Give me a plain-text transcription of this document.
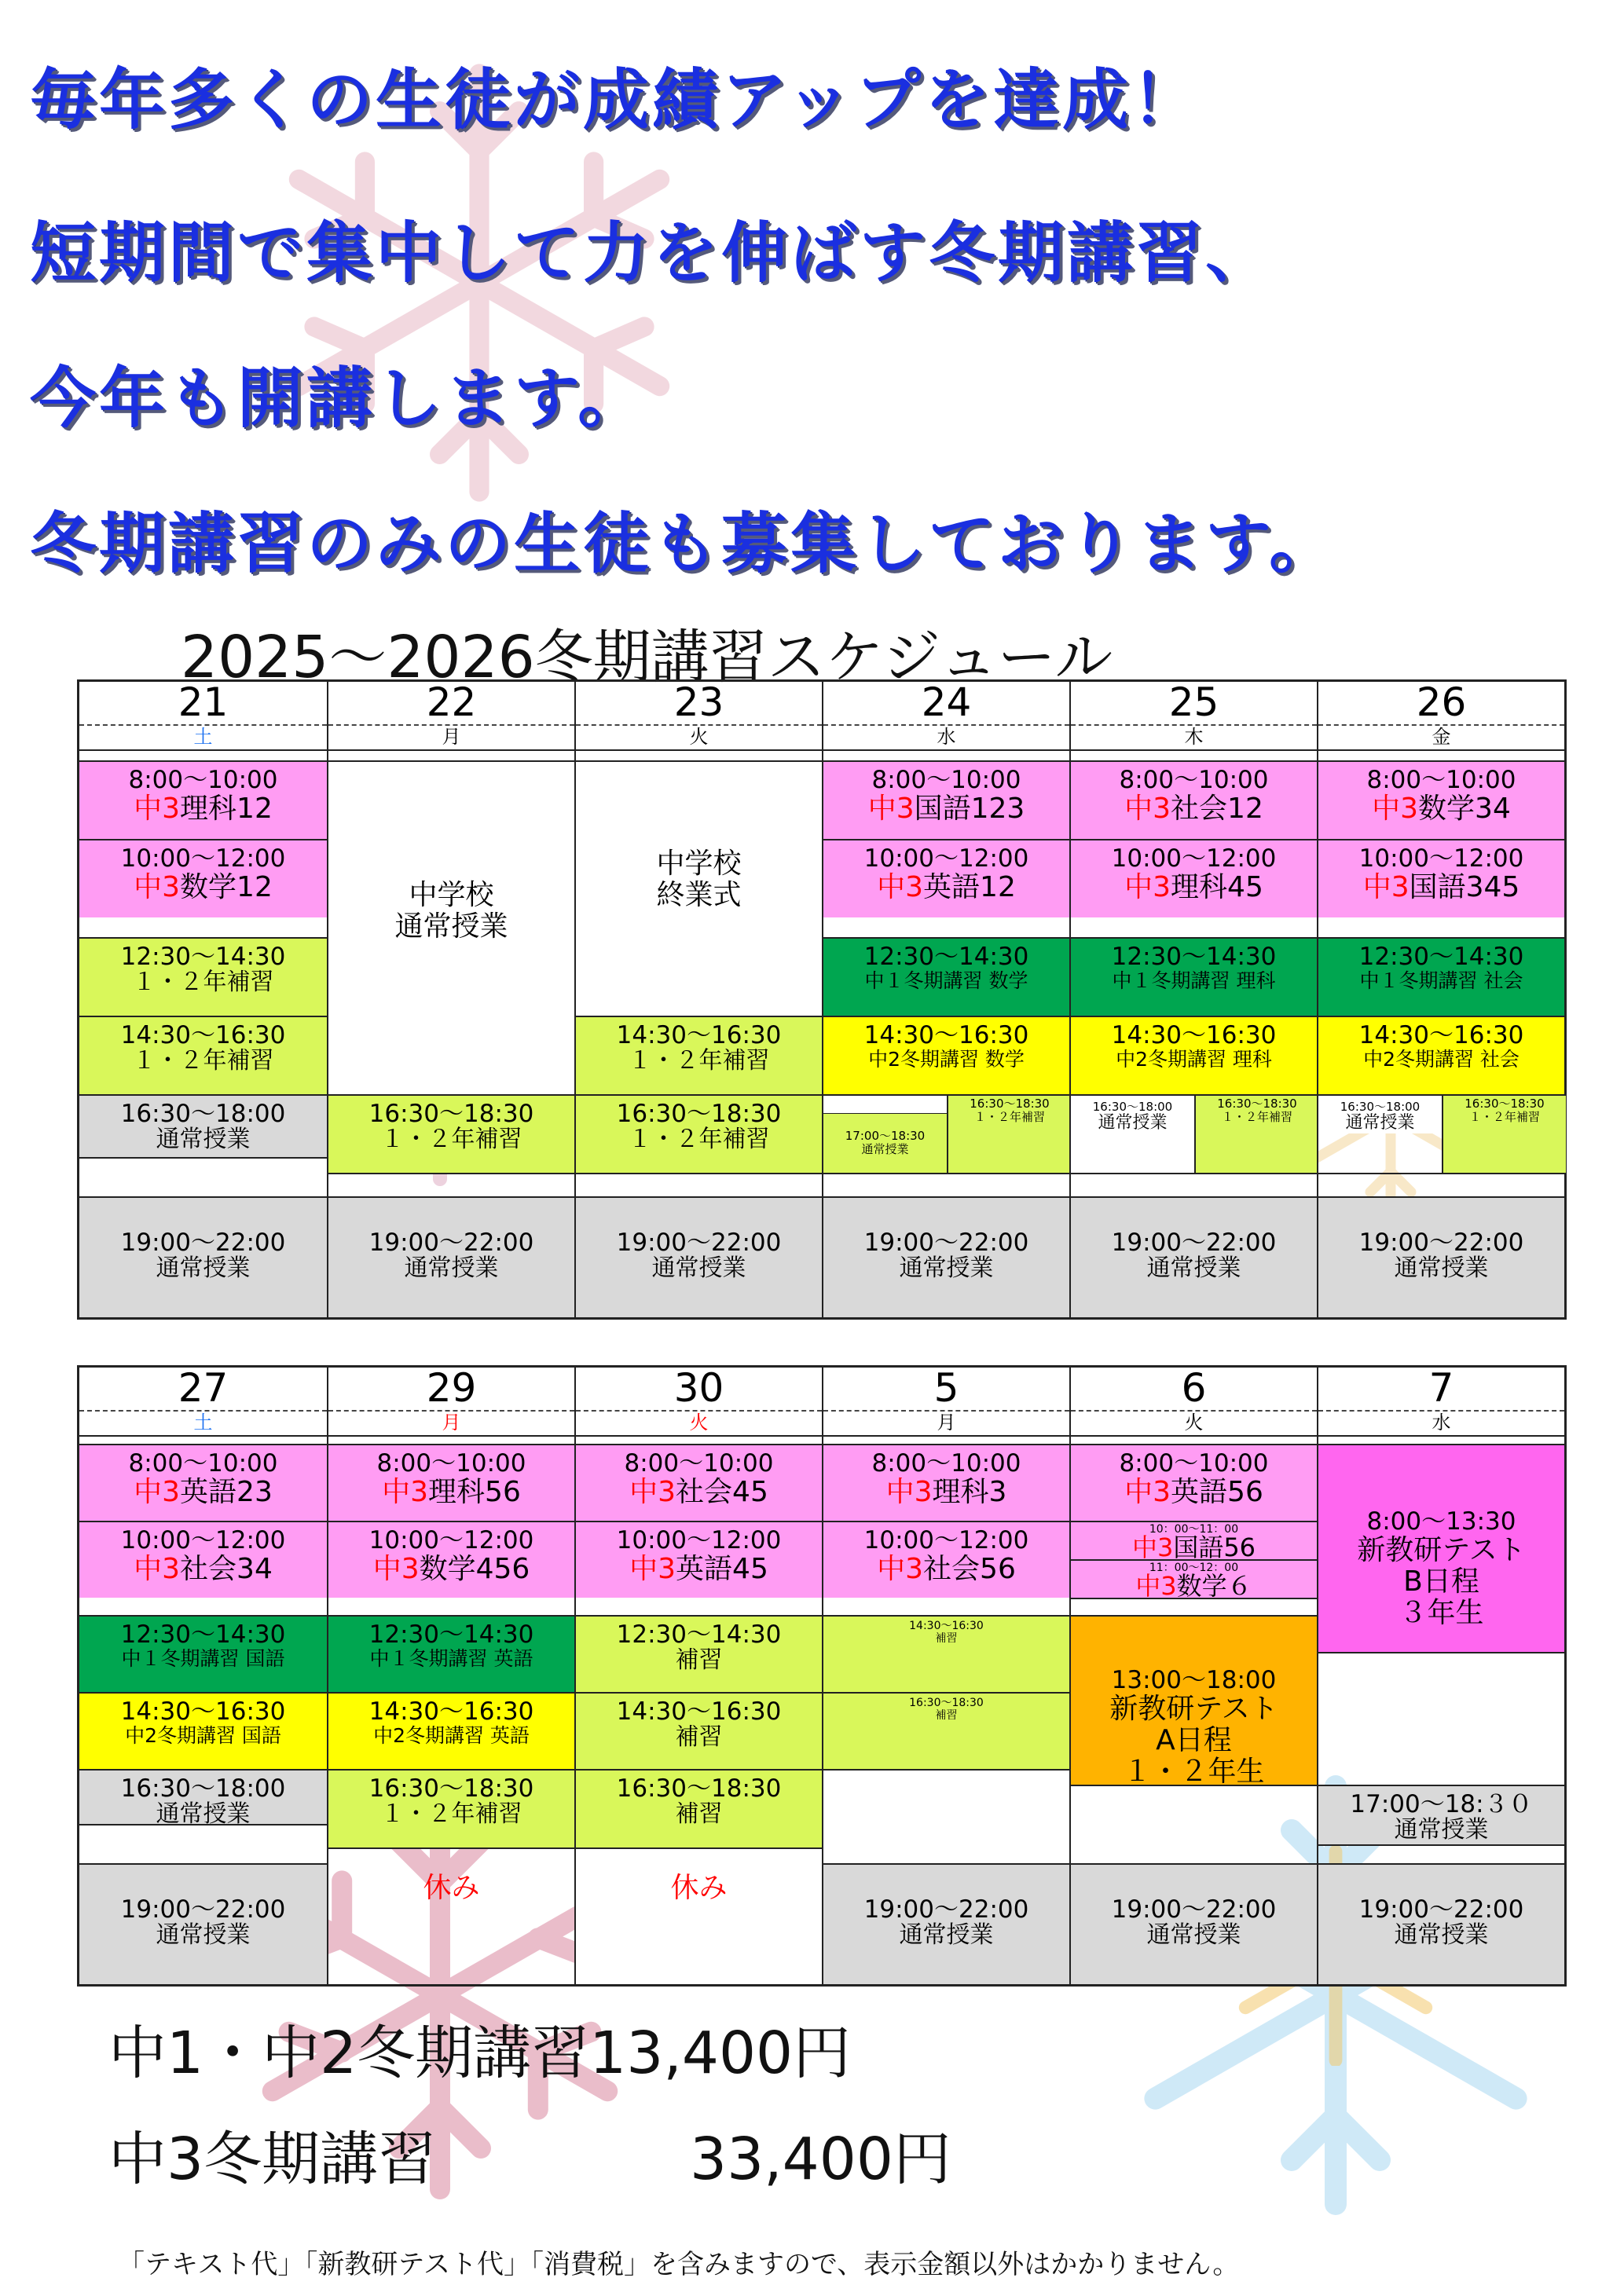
毎年多くの生徒が成績アップを達成！
短期間で集中して力を伸ばす冬期講習、
今年も開講します。
冬期講習のみの生徒も募集しております。
2025～2026冬期講習スケジュール
21
土
8:00～10:00
中3理科12
10:00～12:00
中3数学12
12:30～14:30
１・２年補習
14:30～16:30
１・２年補習
16:30～18:00
通常授業
19:00～22:00
通常授業
22
月
中学校
通常授業
16:30～18:30
１・２年補習
19:00～22:00
通常授業
23
火
中学校
終業式
14:30～16:30
１・２年補習
16:30～18:30
１・２年補習
19:00～22:00
通常授業
24
水
8:00～10:00
中3国語123
10:00～12:00
中3英語12
12:30～14:30
中１冬期講習 数学
14:30～16:30
中2冬期講習 数学
17:00～18:30
通常授業
16:30～18:30
１・２年補習
19:00～22:00
通常授業
25
木
8:00～10:00
中3社会12
10:00～12:00
中3理科45
12:30～14:30
中１冬期講習 理科
14:30～16:30
中2冬期講習 理科
16:30～18:00
通常授業
16:30～18:30
１・２年補習
19:00～22:00
通常授業
26
金
8:00～10:00
中3数学34
10:00～12:00
中3国語345
12:30～14:30
中１冬期講習 社会
14:30～16:30
中2冬期講習 社会
16:30～18:00
通常授業
16:30～18:30
１・２年補習
19:00～22:00
通常授業
27
土
8:00～10:00
中3英語23
10:00～12:00
中3社会34
12:30～14:30
中１冬期講習 国語
14:30～16:30
中2冬期講習 国語
16:30～18:00
通常授業
19:00～22:00
通常授業
29
月
8:00～10:00
中3理科56
10:00～12:00
中3数学456
12:30～14:30
中１冬期講習 英語
14:30～16:30
中2冬期講習 英語
16:30～18:30
１・２年補習
休み
30
火
8:00～10:00
中3社会45
10:00～12:00
中3英語45
12:30～14:30
補習
14:30～16:30
補習
16:30～18:30
補習
休み
5
月
8:00～10:00
中3理科3
10:00～12:00
中3社会56
14:30～16:30
補習
16:30～18:30
補習
19:00～22:00
通常授業
6
火
8:00～10:00
中3英語56
10：00～11：00
中3国語56
11：00～12：00
中3数学６
13:00～18:00
新教研テスト
A日程
１・２年生
19:00～22:00
通常授業
7
水
8:00～13:30
新教研テスト
B日程
３年生
17:00～18:３０
通常授業
19:00～22:00
通常授業
中1・中2冬期講習13,400円
中3冬期講習	33,400円
「テキスト代」「新教研テスト代」「消費税」を含みますので、表示金額以外はかかりません。
